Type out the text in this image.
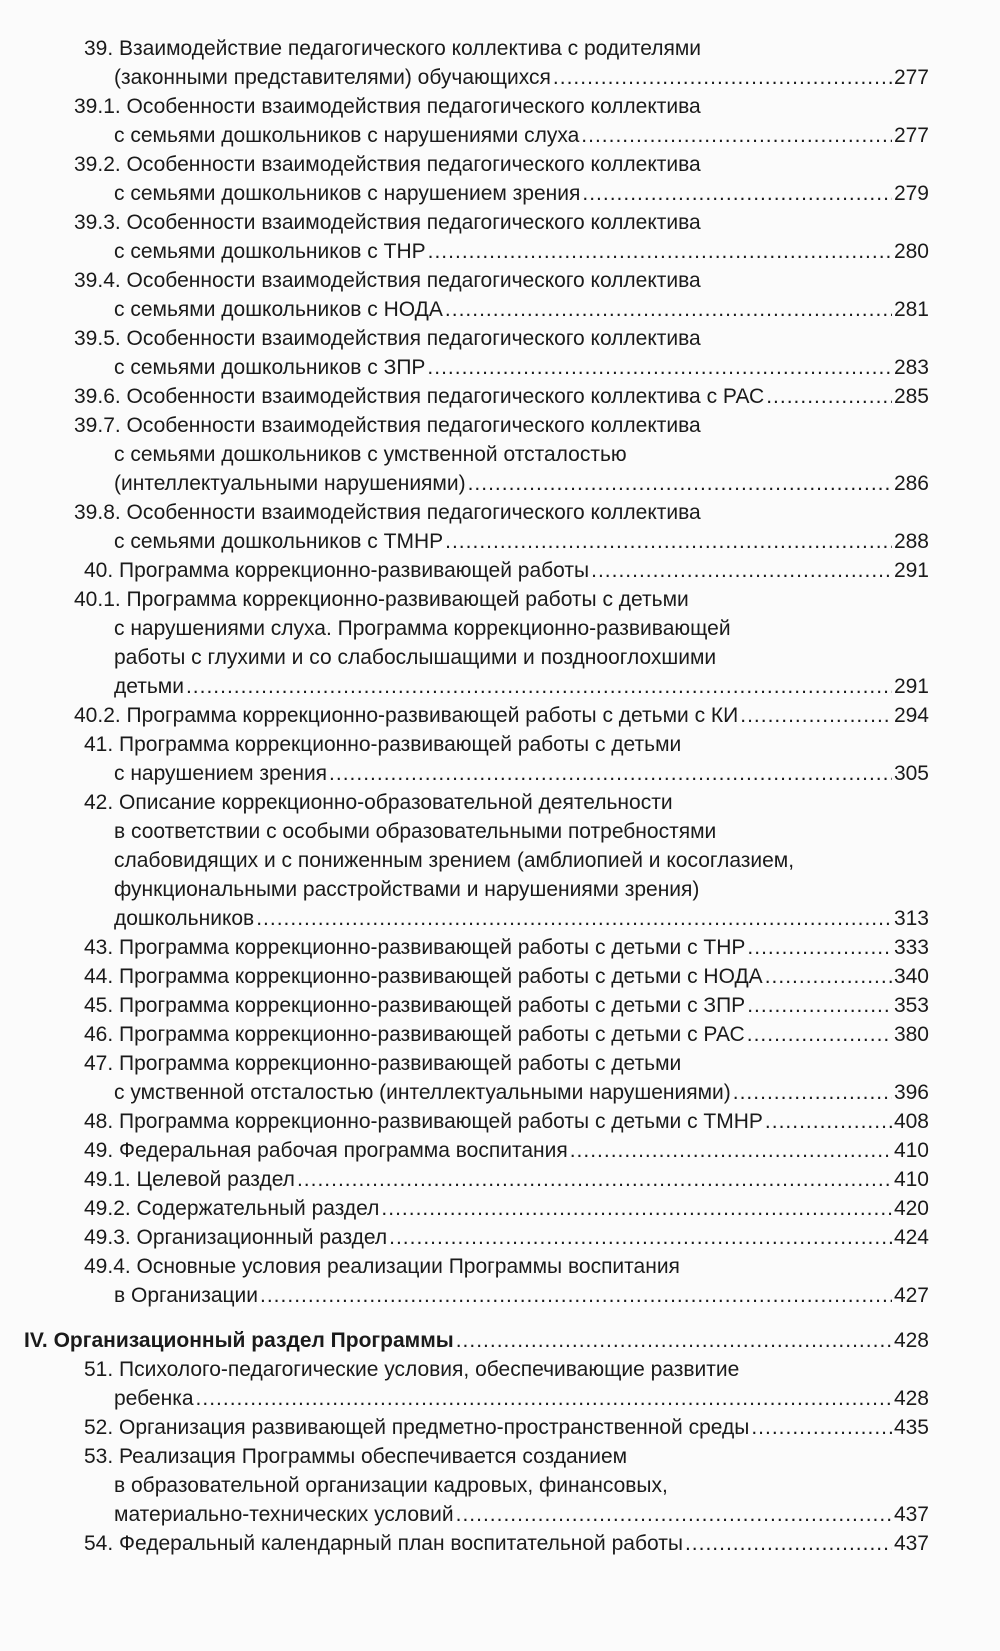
39. Взаимодействие педагогического коллектива с родителями
(законными представителями) обучающихся .....	277
39.1. Особенности взаимодействия педагогического коллектива
с семьями дошкольников с нарушениями слуха .....	277
39.2. Особенности взаимодействия педагогического коллектива
с семьями дошкольников с нарушением зрения .....	279
39.3. Особенности взаимодействия педагогического коллектива
с семьями дошкольников с ТНР .....	280
39.4. Особенности взаимодействия педагогического коллектива
с семьями дошкольников с НОДА .....	281
39.5. Особенности взаимодействия педагогического коллектива
с семьями дошкольников с ЗПР .....	283
39.6. Особенности взаимодействия педагогического коллектива с РАС .....	285
39.7. Особенности взаимодействия педагогического коллектива
с семьями дошкольников с умственной отсталостью
(интеллектуальными нарушениями) .....	286
39.8. Особенности взаимодействия педагогического коллектива
с семьями дошкольников с ТМНР .....	288
40. Программа коррекционно-развивающей работы .....	291
40.1. Программа коррекционно-развивающей работы с детьми
с нарушениями слуха. Программа коррекционно-развивающей
работы с глухими и со слабослышащими и позднооглохшими
детьми .....	291
40.2. Программа коррекционно-развивающей работы с детьми с КИ .....	294
41. Программа коррекционно-развивающей работы с детьми
с нарушением зрения .....	305
42. Описание коррекционно-образовательной деятельности
в соответствии с особыми образовательными потребностями
слабовидящих и с пониженным зрением (амблиопией и косоглазием,
функциональными расстройствами и нарушениями зрения)
дошкольников .....	313
43. Программа коррекционно-развивающей работы с детьми с ТНР .....	333
44. Программа коррекционно-развивающей работы с детьми с НОДА .....	340
45. Программа коррекционно-развивающей работы с детьми с ЗПР .....	353
46. Программа коррекционно-развивающей работы с детьми с РАС .....	380
47. Программа коррекционно-развивающей работы с детьми
с умственной отсталостью (интеллектуальными нарушениями) .....	396
48. Программа коррекционно-развивающей работы с детьми с ТМНР .....	408
49. Федеральная рабочая программа воспитания .....	410
49.1. Целевой раздел .....	410
49.2. Содержательный раздел .....	420
49.3. Организационный раздел .....	424
49.4. Основные условия реализации Программы воспитания
в Организации .....	427
IV. Организационный раздел Программы .....	428
51. Психолого-педагогические условия, обеспечивающие развитие
ребенка .....	428
52. Организация развивающей предметно-пространственной среды .....	435
53. Реализация Программы обеспечивается созданием
в образовательной организации кадровых, финансовых,
материально-технических условий .....	437
54. Федеральный календарный план воспитательной работы .....	437
